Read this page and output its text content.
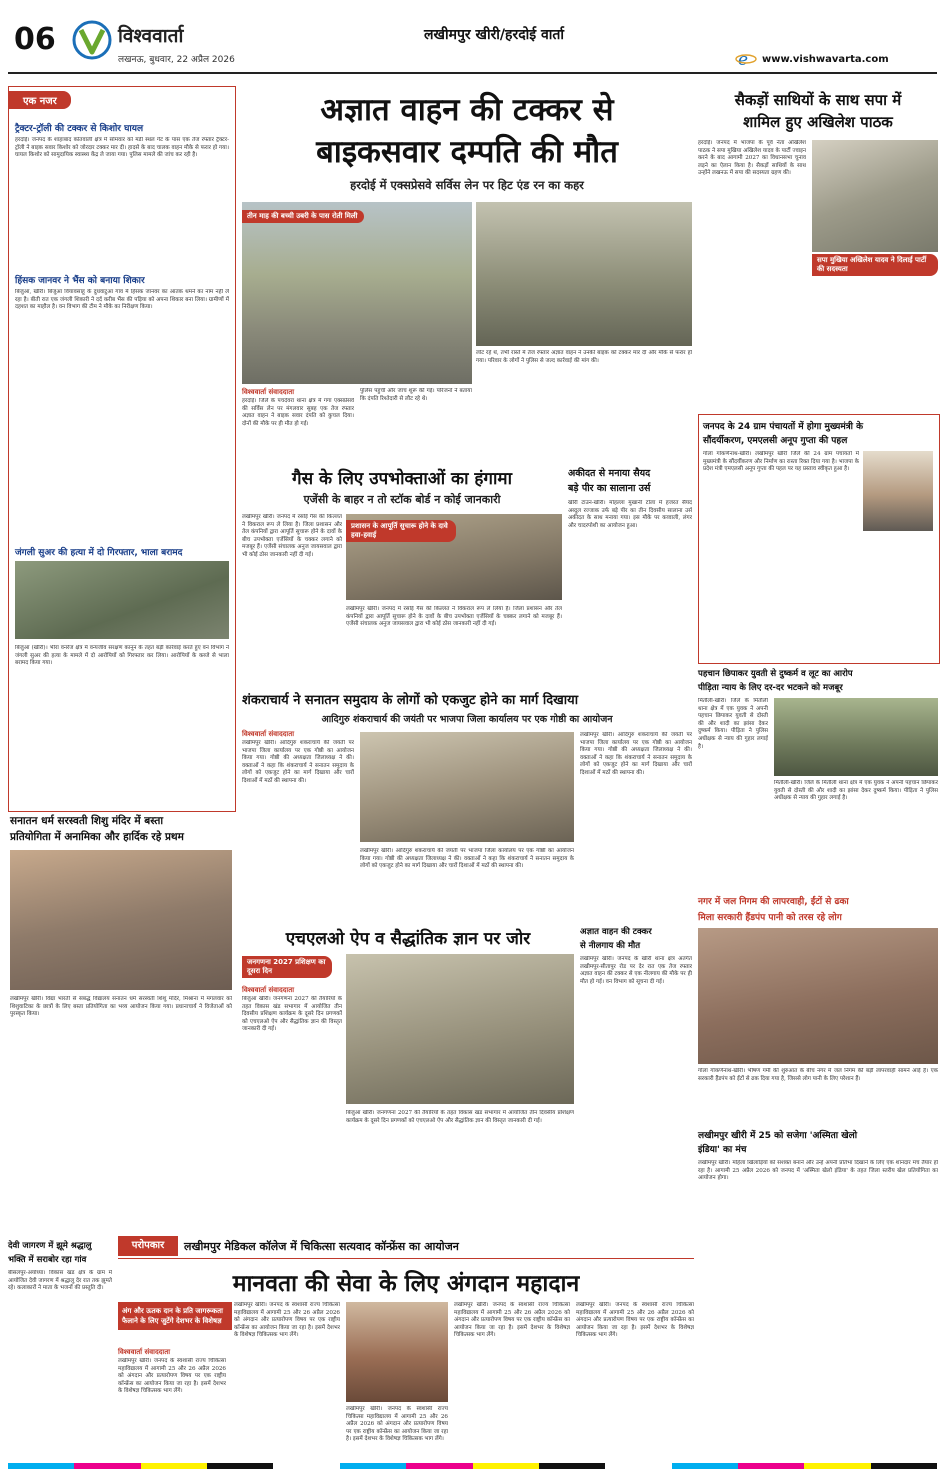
06	विश्ववार्ता
लखनऊ, बुधवार, 22 अप्रैल 2026
लखीमपुर खीरी/हरदोई वार्ता
e www.vishwavarta.com
एक नजर
ट्रैक्टर-ट्रॉली की टक्कर से किशोर घायल
हरदोई। जनपद के शाहाबाद कोतवाली क्षेत्र में सोमवार को मंडी स्थल गेट के पास एक तेज रफ्तार ट्रैक्टर-ट्रॉली ने बाइक सवार किशोर को जोरदार टक्कर मार दी। हादसे के बाद चालक वाहन मौके से फरार हो गया। घायल किशोर को सामुदायिक स्वास्थ्य केंद्र ले जाया गया। पुलिस मामले की जांच कर रही है।
हिंसक जानवर ने भैंस को बनाया शिकार
बिजुआ, खीरी। बिजुआ वियावसाहू के दुधवाटुआ गांव में हिंसक जानवर का आतंक थमने का नाम नहीं ले रहा है। बीती रात एक जंगली शिकारी ने दर्द करीब भैंस की पड़िया को अपना शिकार बना लिया। ग्रामीणों में दहशत का माहौल है। वन विभाग की टीम ने मौके का निरीक्षण किया।
जंगली सुअर की हत्या में दो गिरफ्तार, भाला बरामद
बिजुआ (खीरी)। भीरा वनरेंज क्षेत्र में वन्यजीव संरक्षण कानून के तहत बड़ी कार्रवाई करते हुए वन विभाग ने जंगली सुअर की हत्या के मामले में दो आरोपियों को गिरफ्तार कर लिया। आरोपियों के कब्जे से भाला बरामद किया गया।
सनातन धर्म सरस्वती शिशु मंदिर में बस्ता
प्रतियोगिता में अनामिका और हार्दिक रहे प्रथम
लखीमपुर खीरी। विद्या भारती से संबद्ध विद्यालय सनातन धर्म सरस्वती शिशु मंदिर, मिश्राना में मंगलवार को शिशुवाटिका के छात्रों के लिए बस्ता प्रतियोगिता का भव्य आयोजन किया गया। प्रधानाचार्य ने विजेताओं को पुरस्कृत किया।
अज्ञात वाहन की टक्कर से
बाइकसवार दम्पति की मौत
हरदोई में एक्सप्रेसवे सर्विस लेन पर हिट एंड रन का कहर
तीन माह की बच्ची उबरी के पास रोती मिली
विश्ववार्ता संवाददाता
हरदोई। जिले के पचदेवरा थाना क्षेत्र में गंगा एक्सप्रेसवे की सर्विस लेन पर मंगलवार सुबह एक तेज रफ्तार अज्ञात वाहन ने बाइक सवार दंपति को कुचल दिया। दोनों की मौके पर ही मौत हो गई।
पुलिस पहुंची और जांच शुरू की गई। परिजनों ने बताया कि दंपति रिश्तेदारी से लौट रहे थे।
लोट रहे थे, तभी रास्ते में तेज रफ्तार अज्ञात वाहन ने उनकी बाइक को टक्कर मार दी और मौके से फरार हो गया। परिवार के लोगों ने पुलिस से जल्द कार्रवाई की मांग की।
सैकड़ों साथियों के साथ सपा में
शामिल हुए अखिलेश पाठक
हरदोई। जनपद में भाजपा के पूर्व नेता अखिलेश पाठक ने सपा मुखिया अखिलेश यादव के पार्टी ज्वाइन करने के बाद आगामी 2027 का विधानसभा चुनाव लड़ने का ऐलान किया है। सैकड़ों साथियों के साथ उन्होंने लखनऊ में सपा की सदस्यता ग्रहण की।
सपा मुखिया अखिलेश यादव ने दिलाई पार्टी की सदस्यता
गैस के लिए उपभोक्ताओं का हंगामा
एजेंसी के बाहर न तो स्टॉक बोर्ड न कोई जानकारी
लखीमपुर खीरी। जनपद में रसोई गैस की किल्लत ने विकराल रूप ले लिया है। जिला प्रशासन और तेल कंपनियों द्वारा आपूर्ति सुचारू होने के दावों के बीच उपभोक्ता एजेंसियों के चक्कर लगाने को मजबूर हैं। एजेंसी संचालक अनुज जायसवाल द्वारा भी कोई ठोस जानकारी नहीं दी गई।
प्रशासन के आपूर्ति सुचारू होने के दावे हवा-हवाई
लखीमपुर खीरी। जनपद में रसोई गैस की किल्लत ने विकराल रूप ले लिया है। जिला प्रशासन और तेल कंपनियों द्वारा आपूर्ति सुचारू होने के दावों के बीच उपभोक्ता एजेंसियों के चक्कर लगाने को मजबूर हैं। एजेंसी संचालक अनुज जायसवाल द्वारा भी कोई ठोस जानकारी नहीं दी गई।
अकीदत से मनाया सैयद
बड़े पीर का सालाना उर्स
खीरी टाउन-खीरी। मोहल्ला मुखानी टोला में हजरत सैयद अब्दुल रज्जाक उर्फ बड़े पीर का तीन दिवसीय सालाना उर्स अकीदत के साथ मनाया गया। इस मौके पर कव्वाली, लंगर और चादरपोशी का आयोजन हुआ।
जनपद के 24 ग्राम पंचायतों में होगा मुख्यमंत्री के
सौंदर्यीकरण, एमएलसी अनूप गुप्ता की पहल
गोला गोकर्णनाथ-खीरी। लखीमपुर खीरी जिले की 24 ग्राम पंचायतों में मुख्यमंत्री के सौंदर्यीकरण और निर्माण का रास्ता रिक्त दिया गया है। भाजपा के प्रदेश मंत्री एमएलसी अनूप गुप्ता की पहल पर यह प्रस्ताव स्वीकृत हुआ है।
पहचान छिपाकर युवती से दुष्कर्म व लूट का आरोप
पीड़िता न्याय के लिए दर-दर भटकने को मजबूर
मितौली-खीरी। जिले के मितौली थाना क्षेत्र में एक युवक ने अपनी पहचान छिपाकर युवती से दोस्ती की और शादी का झांसा देकर दुष्कर्म किया। पीड़िता ने पुलिस अधीक्षक से न्याय की गुहार लगाई है।
मितौली-खीरी। जिले के मितौली थाना क्षेत्र में एक युवक ने अपनी पहचान छिपाकर युवती से दोस्ती की और शादी का झांसा देकर दुष्कर्म किया। पीड़िता ने पुलिस अधीक्षक से न्याय की गुहार लगाई है।
शंकराचार्य ने सनातन समुदाय के लोगों को एकजुट होने का मार्ग दिखाया
आदिगुरु शंकराचार्य की जयंती पर भाजपा जिला कार्यालय पर एक गोष्ठी का आयोजन
विश्ववार्ता संवाददाता
लखीमपुर खीरी। आदिगुरु शंकराचार्य की जयंती पर भाजपा जिला कार्यालय पर एक गोष्ठी का आयोजन किया गया। गोष्ठी की अध्यक्षता जिलाध्यक्ष ने की। वक्ताओं ने कहा कि शंकराचार्य ने सनातन समुदाय के लोगों को एकजुट होने का मार्ग दिखाया और चारों दिशाओं में मठों की स्थापना की।
लखीमपुर खीरी। आदिगुरु शंकराचार्य की जयंती पर भाजपा जिला कार्यालय पर एक गोष्ठी का आयोजन किया गया। गोष्ठी की अध्यक्षता जिलाध्यक्ष ने की। वक्ताओं ने कहा कि शंकराचार्य ने सनातन समुदाय के लोगों को एकजुट होने का मार्ग दिखाया और चारों दिशाओं में मठों की स्थापना की।
लखीमपुर खीरी। आदिगुरु शंकराचार्य की जयंती पर भाजपा जिला कार्यालय पर एक गोष्ठी का आयोजन किया गया। गोष्ठी की अध्यक्षता जिलाध्यक्ष ने की। वक्ताओं ने कहा कि शंकराचार्य ने सनातन समुदाय के लोगों को एकजुट होने का मार्ग दिखाया और चारों दिशाओं में मठों की स्थापना की।
नगर में जल निगम की लापरवाही, ईंटों से ढका
मिला सरकारी हैंडपंप पानी को तरस रहे लोग
गोला गोकर्णनाथ-खीरी। भीषण गर्मी की शुरुआत के बीच नगर में जल निगम की बड़ी लापरवाही सामने आई है। एक सरकारी हैंडपंप को ईंटों से ढक दिया गया है, जिससे लोग पानी के लिए परेशान हैं।
एचएलओ ऐप व सैद्धांतिक ज्ञान पर जोर
जनगणना 2027 प्रशिक्षण का दूसरा दिन
विश्ववार्ता संवाददाता
बिजुआ खीरी। जनगणना 2027 की तैयारियों के तहत विकास खंड सभागार में आयोजित तीन दिवसीय प्रशिक्षण कार्यक्रम के दूसरे दिन प्रगणकों को एचएलओ ऐप और सैद्धांतिक ज्ञान की विस्तृत जानकारी दी गई।
बिजुआ खीरी। जनगणना 2027 की तैयारियों के तहत विकास खंड सभागार में आयोजित तीन दिवसीय प्रशिक्षण कार्यक्रम के दूसरे दिन प्रगणकों को एचएलओ ऐप और सैद्धांतिक ज्ञान की विस्तृत जानकारी दी गई।
अज्ञात वाहन की टक्कर
से नीलगाय की मौत
लखीमपुर खीरी। जनपद के खीरी थाना क्षेत्र अंतर्गत लखीमपुर-सीतापुर रोड पर देर रात एक तेज रफ्तार अज्ञात वाहन की टक्कर से एक नीलगाय की मौके पर ही मौत हो गई। वन विभाग को सूचना दी गई।
देवी जागरण में झूमे श्रद्धालु
भक्ति में सराबोर रहा गांव
बीसलपुर-अयोध्या। विकास खंड क्षेत्र के ग्राम में आयोजित देवी जागरण में श्रद्धालु देर रात तक झूमते रहे। कलाकारों ने माता के भजनों की प्रस्तुति दी।
परोपकार	लखीमपुर मेडिकल कॉलेज में चिकित्सा सत्यवाद कॉन्फ्रेंस का आयोजन
मानवता की सेवा के लिए अंगदान महादान
अंग और ऊतक दान के प्रति जागरूकता फैलाने के लिए जुटेंगे देशभर के विशेषज्ञ
विश्ववार्ता संवाददाता
लखीमपुर खीरी। जनपद के स्वशासी राज्य चिकित्सा महाविद्यालय में आगामी 25 और 26 अप्रैल 2026 को अंगदान और प्रत्यारोपण विषय पर एक राष्ट्रीय कॉन्फ्रेंस का आयोजन किया जा रहा है। इसमें देशभर के विशेषज्ञ चिकित्सक भाग लेंगे।
लखीमपुर खीरी। जनपद के स्वशासी राज्य चिकित्सा महाविद्यालय में आगामी 25 और 26 अप्रैल 2026 को अंगदान और प्रत्यारोपण विषय पर एक राष्ट्रीय कॉन्फ्रेंस का आयोजन किया जा रहा है। इसमें देशभर के विशेषज्ञ चिकित्सक भाग लेंगे।
लखीमपुर खीरी। जनपद के स्वशासी राज्य चिकित्सा महाविद्यालय में आगामी 25 और 26 अप्रैल 2026 को अंगदान और प्रत्यारोपण विषय पर एक राष्ट्रीय कॉन्फ्रेंस का आयोजन किया जा रहा है। इसमें देशभर के विशेषज्ञ चिकित्सक भाग लेंगे।
लखीमपुर खीरी। जनपद के स्वशासी राज्य चिकित्सा महाविद्यालय में आगामी 25 और 26 अप्रैल 2026 को अंगदान और प्रत्यारोपण विषय पर एक राष्ट्रीय कॉन्फ्रेंस का आयोजन किया जा रहा है। इसमें देशभर के विशेषज्ञ चिकित्सक भाग लेंगे।
लखीमपुर खीरी। जनपद के स्वशासी राज्य चिकित्सा महाविद्यालय में आगामी 25 और 26 अप्रैल 2026 को अंगदान और प्रत्यारोपण विषय पर एक राष्ट्रीय कॉन्फ्रेंस का आयोजन किया जा रहा है। इसमें देशभर के विशेषज्ञ चिकित्सक भाग लेंगे।
लखीमपुर खीरी में 25 को सजेगा 'अस्मिता खेलो
इंडिया' का मंच
लखीमपुर खीरी। महिला खिलाड़ियों को सशक्त बनाने और उन्हें अपनी प्रतिभा दिखाने के लिए एक शानदार मंच तैयार हो रहा है। आगामी 25 अप्रैल 2026 को जनपद में 'अस्मिता खेलो इंडिया' के तहत जिला स्तरीय खेल प्रतियोगिता का आयोजन होगा।
